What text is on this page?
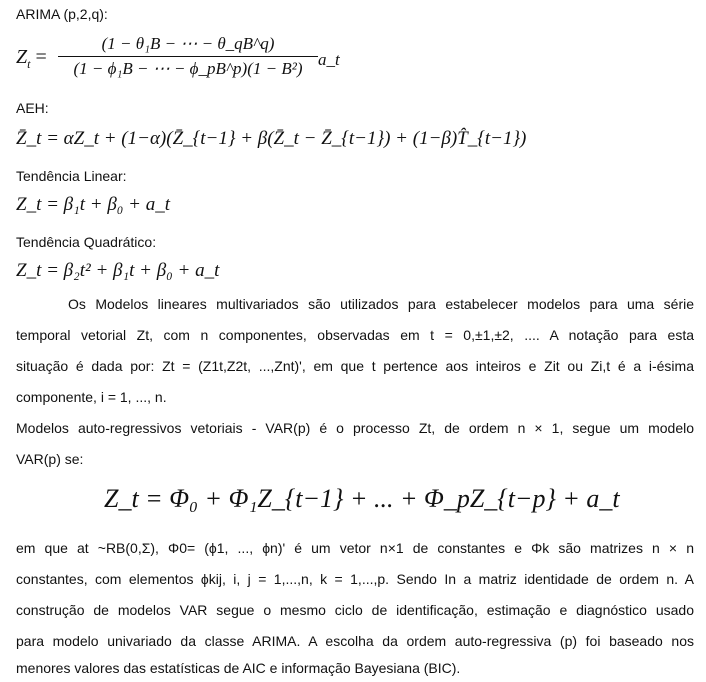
ARIMA (p,2,q):
$Z_t$ =
(1 − θ₁B − ⋯ − θ_qB^q)
(1 − ϕ₁B − ⋯ − ϕ_pB^p)(1 − B²) a_t
AEH:
Z̄_t = αZ_t + (1−α)(Z̄_{t−1} + β(Z̄_t − Z̄_{t−1}) + (1−β)T̂_{t−1})
Tendência Linear:
Z_t = β₁t + β₀ + a_t
Tendência Quadrático:
Z_t = β₂t² + β₁t + β₀ + a_t
Os Modelos lineares multivariados são utilizados para estabelecer modelos para uma série
temporal vetorial Zt, com n componentes, observadas em t = 0,±1,±2, .... A notação para esta
situação é dada por: Zt = (Z1t,Z2t, ...,Znt)', em que t pertence aos inteiros e Zit ou Zi,t é a i-ésima
componente, i = 1, ..., n.
Modelos auto-regressivos vetoriais - VAR(p) é o processo Zt, de ordem n × 1, segue um modelo
VAR(p) se:
Z_t = Φ₀ + Φ₁Z_{t−1} + ... + Φ_pZ_{t−p} + a_t
em que at ~RB(0,Σ), Φ0= (ϕ1, ..., ϕn)' é um vetor n×1 de constantes e Φk são matrizes n × n
constantes, com elementos ϕkij, i, j = 1,...,n, k = 1,...,p. Sendo In a matriz identidade de ordem n. A
construção de modelos VAR segue o mesmo ciclo de identificação, estimação e diagnóstico usado
para modelo univariado da classe ARIMA. A escolha da ordem auto-regressiva (p) foi baseado nos
menores valores das estatísticas de AIC e informação Bayesiana (BIC).
